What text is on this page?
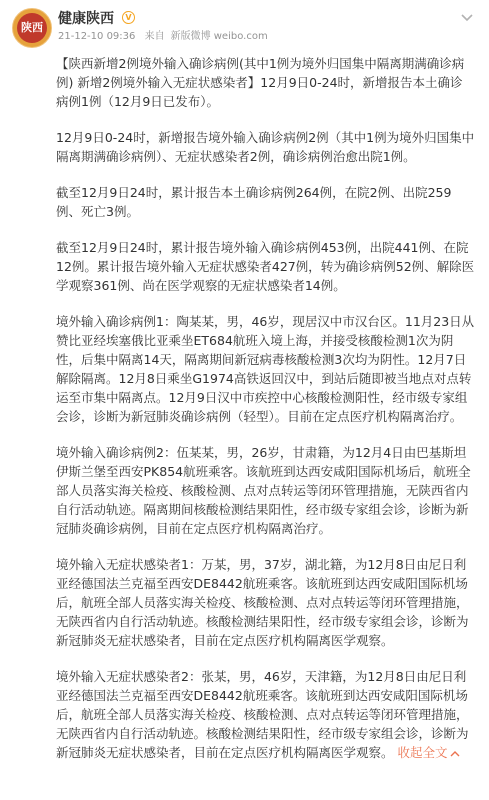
陕西
健康陕西	V
21-12-10 09:36 来自 新版微博 weibo.com

【陕西新增2例境外输入确诊病例(其中1例为境外归国集中隔离期满确诊病例) 新增2例境外输入无症状感染者】12月9日0-24时，新增报告本土确诊病例1例（12月9日已发布）。

12月9日0-24时，新增报告境外输入确诊病例2例（其中1例为境外归国集中隔离期满确诊病例）、无症状感染者2例，确诊病例治愈出院1例。

截至12月9日24时，累计报告本土确诊病例264例，在院2例、出院259例、死亡3例。

截至12月9日24时，累计报告境外输入确诊病例453例，出院441例、在院12例。累计报告境外输入无症状感染者427例，转为确诊病例52例、解除医学观察361例、尚在医学观察的无症状感染者14例。

境外输入确诊病例1：陶某某，男，46岁，现居汉中市汉台区。11月23日从赞比亚经埃塞俄比亚乘坐ET684航班入境上海，并接受核酸检测1次为阴性，后集中隔离14天，隔离期间新冠病毒核酸检测3次均为阴性。12月7日解除隔离。12月8日乘坐G1974高铁返回汉中，到站后随即被当地点对点转运至市集中隔离点。12月9日汉中市疾控中心核酸检测阳性，经市级专家组会诊，诊断为新冠肺炎确诊病例（轻型）。目前在定点医疗机构隔离治疗。

境外输入确诊病例2：伍某某，男，26岁，甘肃籍，为12月4日由巴基斯坦伊斯兰堡至西安PK854航班乘客。该航班到达西安咸阳国际机场后，航班全部人员落实海关检疫、核酸检测、点对点转运等闭环管理措施，无陕西省内自行活动轨迹。隔离期间核酸检测结果阳性，经市级专家组会诊，诊断为新冠肺炎确诊病例，目前在定点医疗机构隔离治疗。

境外输入无症状感染者1：万某，男，37岁，湖北籍，为12月8日由尼日利亚经德国法兰克福至西安DE8442航班乘客。该航班到达西安咸阳国际机场后，航班全部人员落实海关检疫、核酸检测、点对点转运等闭环管理措施，无陕西省内自行活动轨迹。核酸检测结果阳性，经市级专家组会诊，诊断为新冠肺炎无症状感染者，目前在定点医疗机构隔离医学观察。

境外输入无症状感染者2：张某，男，46岁，天津籍，为12月8日由尼日利亚经德国法兰克福至西安DE8442航班乘客。该航班到达西安咸阳国际机场后，航班全部人员落实海关检疫、核酸检测、点对点转运等闭环管理措施，无陕西省内自行活动轨迹。核酸检测结果阳性，经市级专家组会诊，诊断为新冠肺炎无症状感染者，目前在定点医疗机构隔离医学观察。 收起全文
